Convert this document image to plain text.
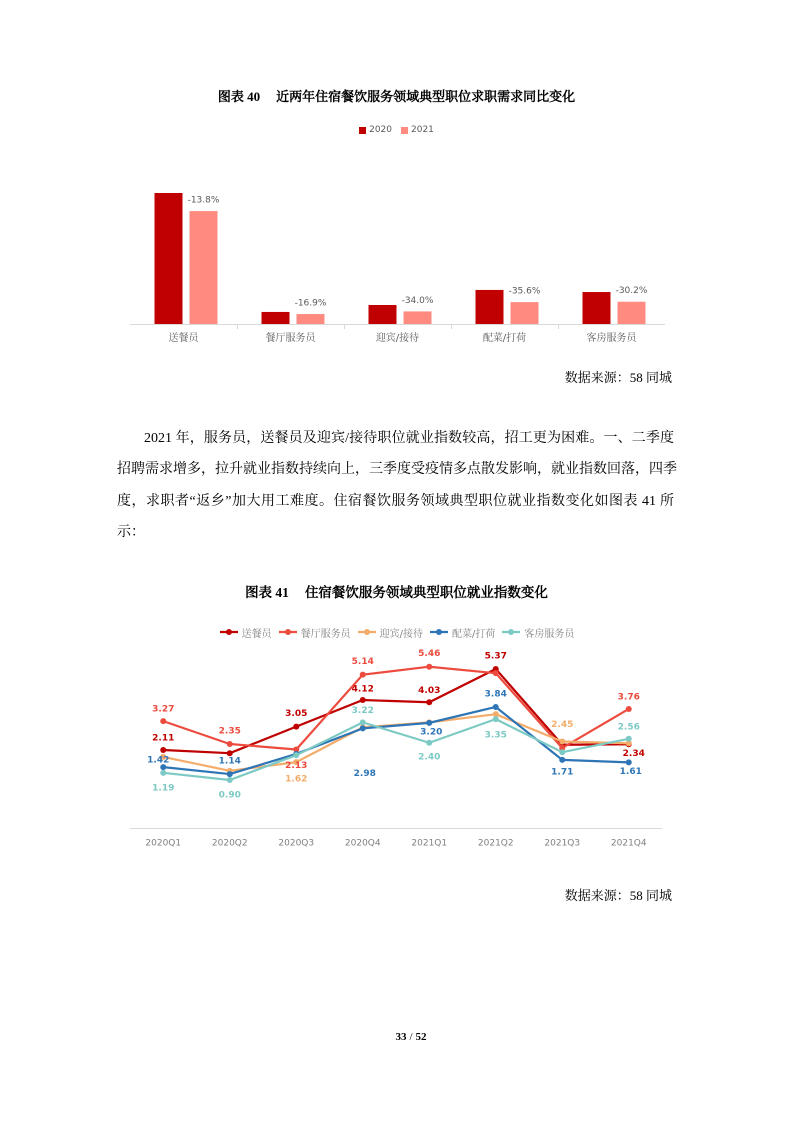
图表 40 近两年住宿餐饮服务领域典型职位求职需求同比变化
2020 2021
-13.8%
送餐员
-16.9%
餐厅服务员
-34.0%
迎宾/接待
-35.6%
配菜/打荷
-30.2%
客房服务员
数据来源：58 同城
2021 年，服务员，送餐员及迎宾/接待职位就业指数较高，招工更为困难。一、二季度
招聘需求增多，拉升就业指数持续向上，三季度受疫情多点散发影响，就业指数回落，四季
度，求职者“返乡”加大用工难度。住宿餐饮服务领域典型职位就业指数变化如图表 41 所
示：
图表 41 住宿餐饮服务领域典型职位就业指数变化
送餐员	餐厅服务员	迎宾/接待	配菜/打荷	客房服务员
2020Q1	2020Q2	2020Q3	2020Q4	2021Q1	2021Q2	2021Q3	2021Q4
2.11
3.05
4.12	4.03
5.37
2.34
3.27
2.35
2.13
5.14
5.46
3.76
1.62
2.45
1.42	1.14
2.98
3.20
3.84
1.71	1.61
1.19
0.90
3.22
2.40
3.35
2.56
数据来源：58 同城
33 / 52
